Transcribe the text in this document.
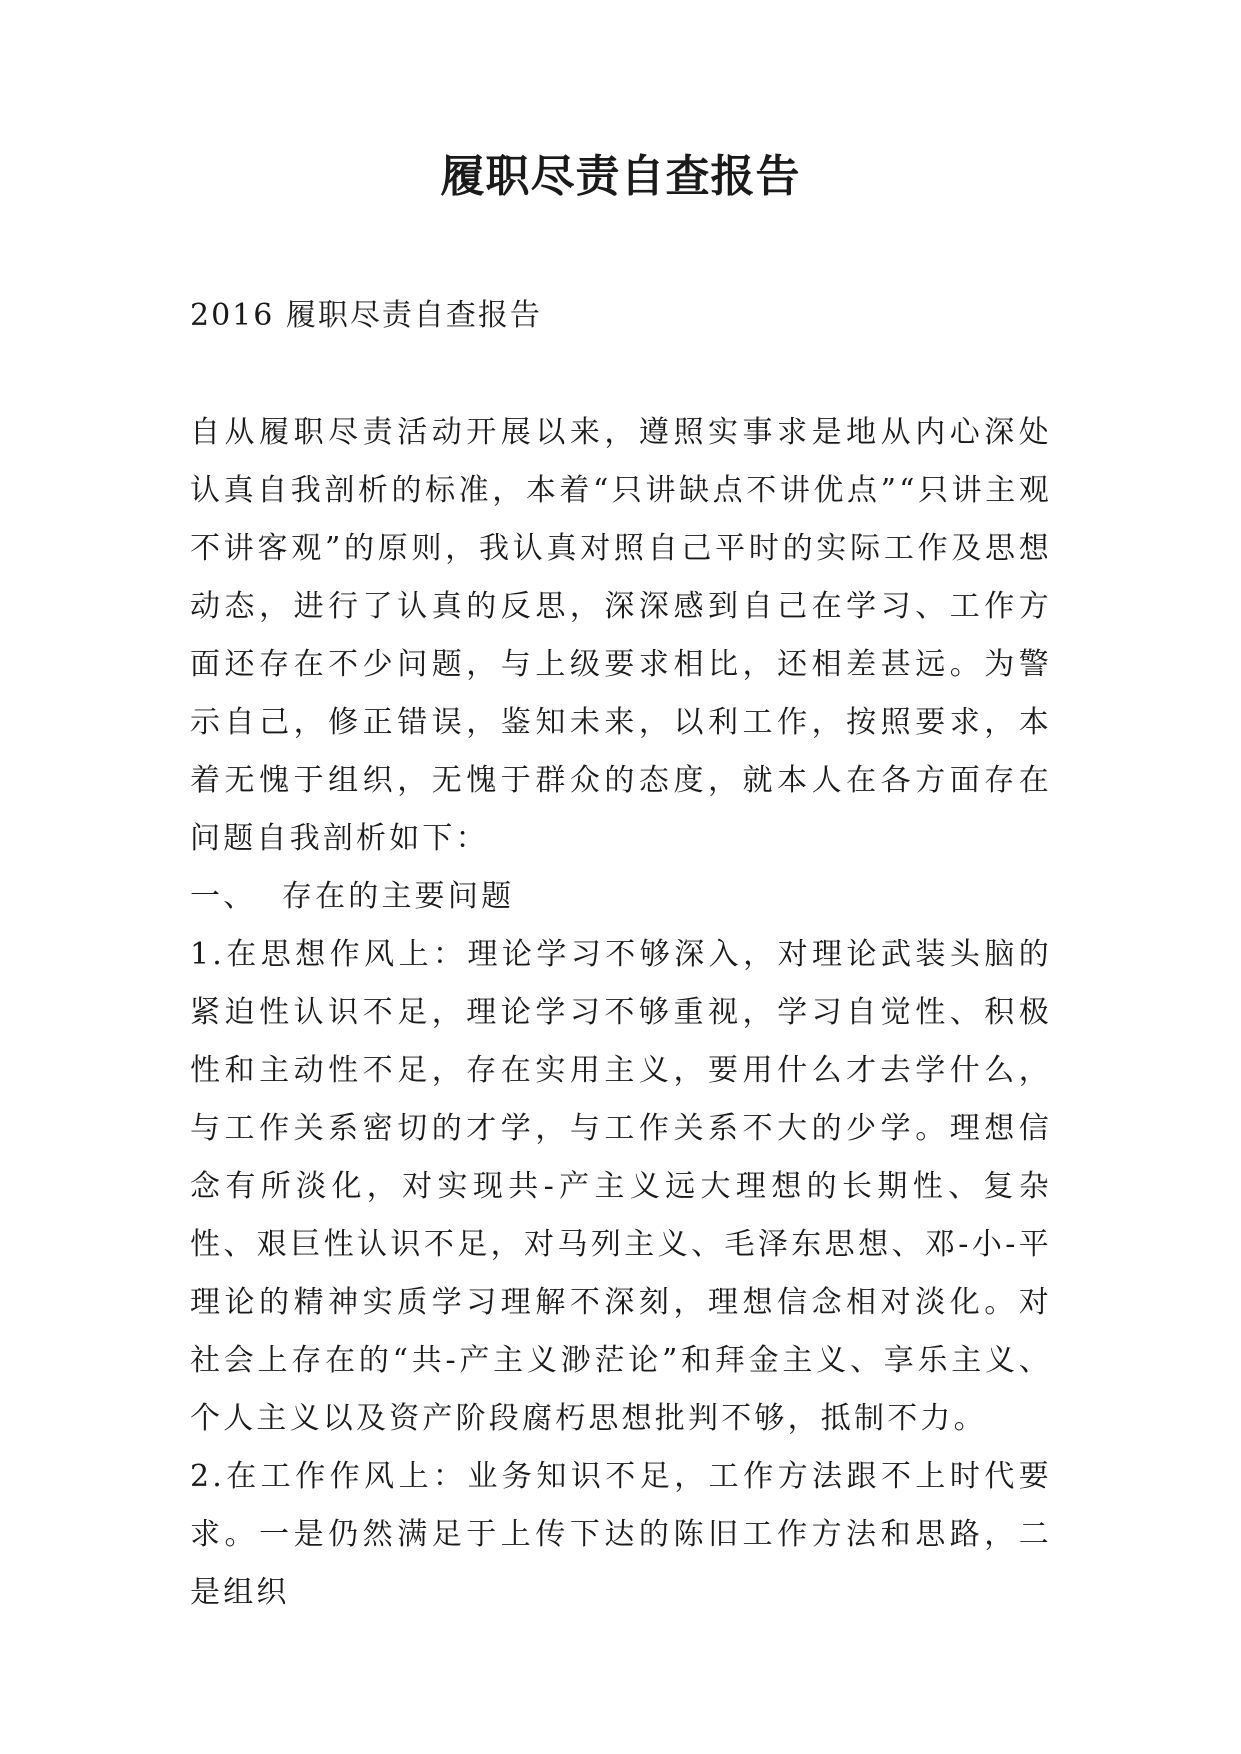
履职尽责自查报告
2016 履职尽责自查报告

自从履职尽责活动开展以来，遵照实事求是地从内心深处认真自我剖析的标准，本着“只讲缺点不讲优点”“只讲主观不讲客观”的原则，我认真对照自己平时的实际工作及思想动态，进行了认真的反思，深深感到自己在学习、工作方面还存在不少问题，与上级要求相比，还相差甚远。为警示自己，修正错误，鉴知未来，以利工作，按照要求，本着无愧于组织，无愧于群众的态度，就本人在各方面存在问题自我剖析如下：

一、  存在的主要问题

1.在思想作风上：理论学习不够深入，对理论武装头脑的紧迫性认识不足，理论学习不够重视，学习自觉性、积极性和主动性不足，存在实用主义，要用什么才去学什么，与工作关系密切的才学，与工作关系不大的少学。理想信念有所淡化，对实现共-产主义远大理想的长期性、复杂性、艰巨性认识不足，对马列主义、毛泽东思想、邓-小-平理论的精神实质学习理解不深刻，理想信念相对淡化。对社会上存在的“共-产主义渺茫论”和拜金主义、享乐主义、个人主义以及资产阶段腐朽思想批判不够，抵制不力。

2.在工作作风上：业务知识不足，工作方法跟不上时代要求。一是仍然满足于上传下达的陈旧工作方法和思路，二是组织
